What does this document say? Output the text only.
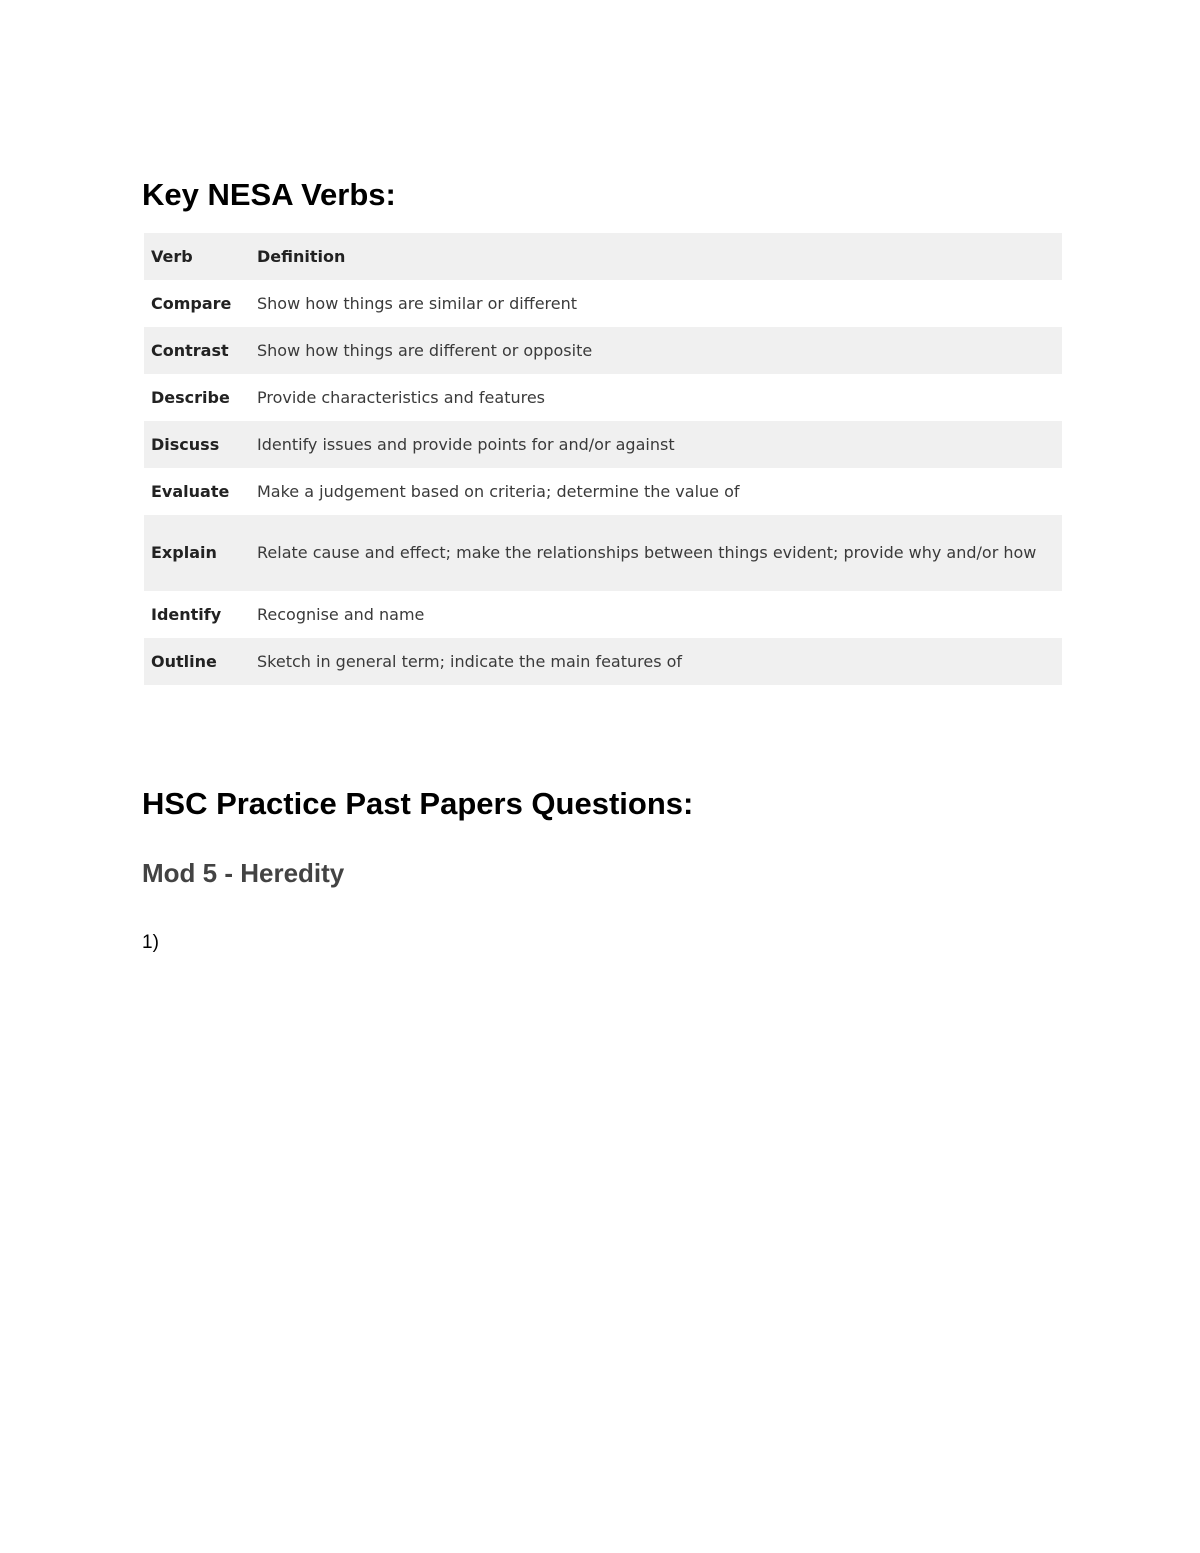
Key NESA Verbs:
Verb	Definition
Compare	Show how things are similar or different
Contrast	Show how things are different or opposite
Describe	Provide characteristics and features
Discuss	Identify issues and provide points for and/or against
Evaluate	Make a judgement based on criteria; determine the value of
Explain	Relate cause and effect; make the relationships between things evident; provide why and/or how
Identify	Recognise and name
Outline	Sketch in general term; indicate the main features of
HSC Practice Past Papers Questions:
Mod 5 - Heredity

1)
